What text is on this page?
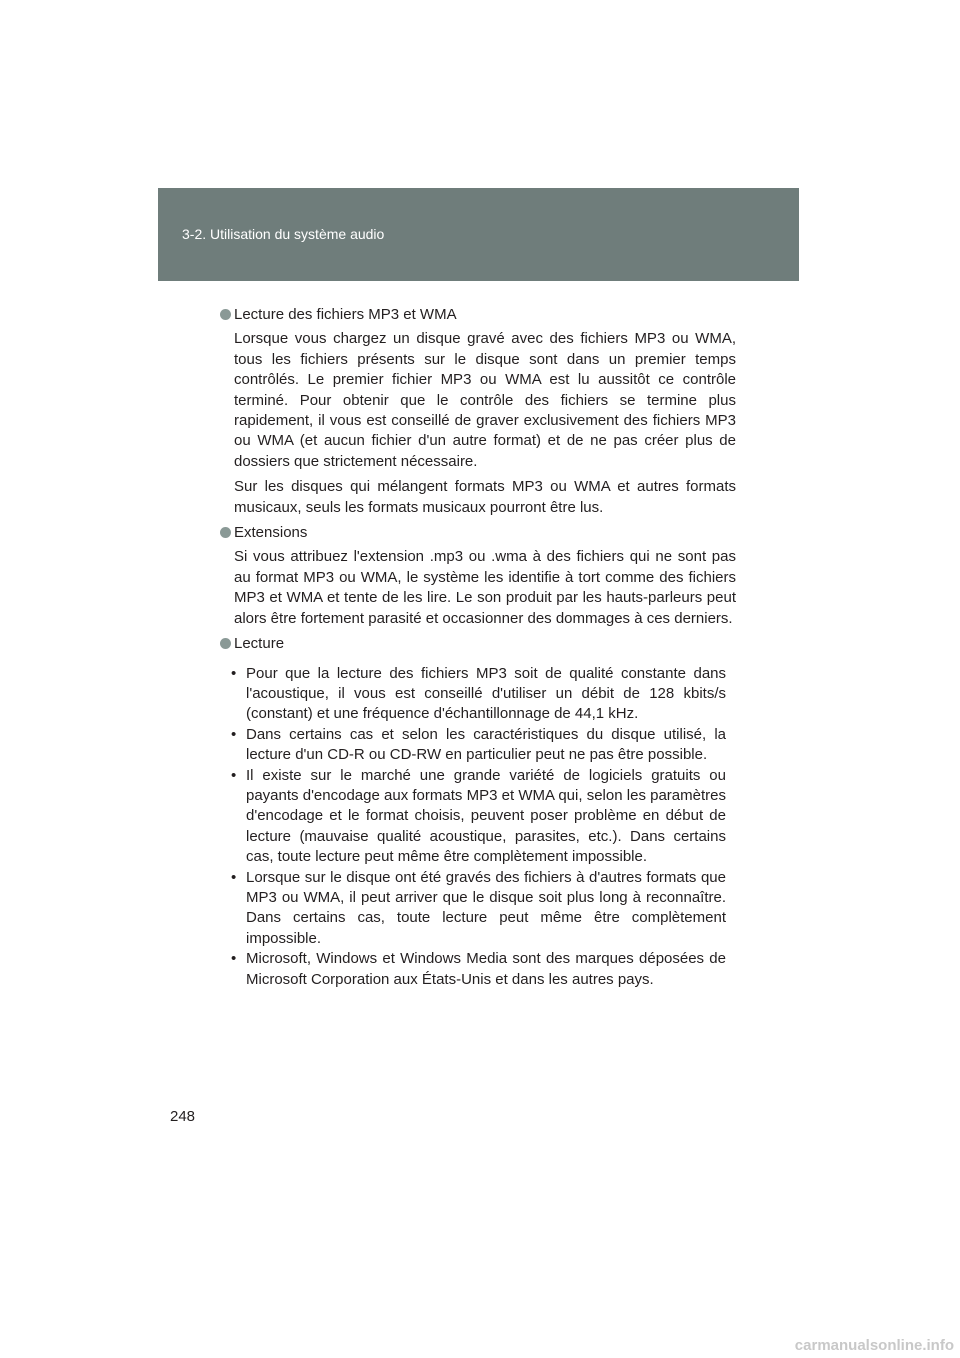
3-2. Utilisation du système audio
Lecture des fichiers MP3 et WMA
Lorsque vous chargez un disque gravé avec des fichiers MP3 ou WMA, tous les fichiers présents sur le disque sont dans un premier temps contrôlés. Le premier fichier MP3 ou WMA est lu aussitôt ce contrôle terminé. Pour obtenir que le contrôle des fichiers se termine plus rapidement, il vous est conseillé de graver exclusivement des fichiers MP3 ou WMA (et aucun fichier d'un autre format) et de ne pas créer plus de dossiers que strictement nécessaire.
Sur les disques qui mélangent formats MP3 ou WMA et autres formats musicaux, seuls les formats musicaux pourront être lus.
Extensions
Si vous attribuez l'extension .mp3 ou .wma à des fichiers qui ne sont pas au format MP3 ou WMA, le système les identifie à tort comme des fichiers MP3 et WMA et tente de les lire. Le son produit par les hauts-parleurs peut alors être fortement parasité et occasionner des dommages à ces derniers.
Lecture
• Pour que la lecture des fichiers MP3 soit de qualité constante dans l'acoustique, il vous est conseillé d'utiliser un débit de 128 kbits/s (constant) et une fréquence d'échantillonnage de 44,1 kHz.
• Dans certains cas et selon les caractéristiques du disque utilisé, la lecture d'un CD-R ou CD-RW en particulier peut ne pas être possible.
• Il existe sur le marché une grande variété de logiciels gratuits ou payants d'encodage aux formats MP3 et WMA qui, selon les paramètres d'encodage et le format choisis, peuvent poser problème en début de lecture (mauvaise qualité acoustique, parasites, etc.). Dans certains cas, toute lecture peut même être complètement impossible.
• Lorsque sur le disque ont été gravés des fichiers à d'autres formats que MP3 ou WMA, il peut arriver que le disque soit plus long à reconnaître. Dans certains cas, toute lecture peut même être complètement impossible.
• Microsoft, Windows et Windows Media sont des marques déposées de Microsoft Corporation aux États-Unis et dans les autres pays.
248
carmanualsonline.info
